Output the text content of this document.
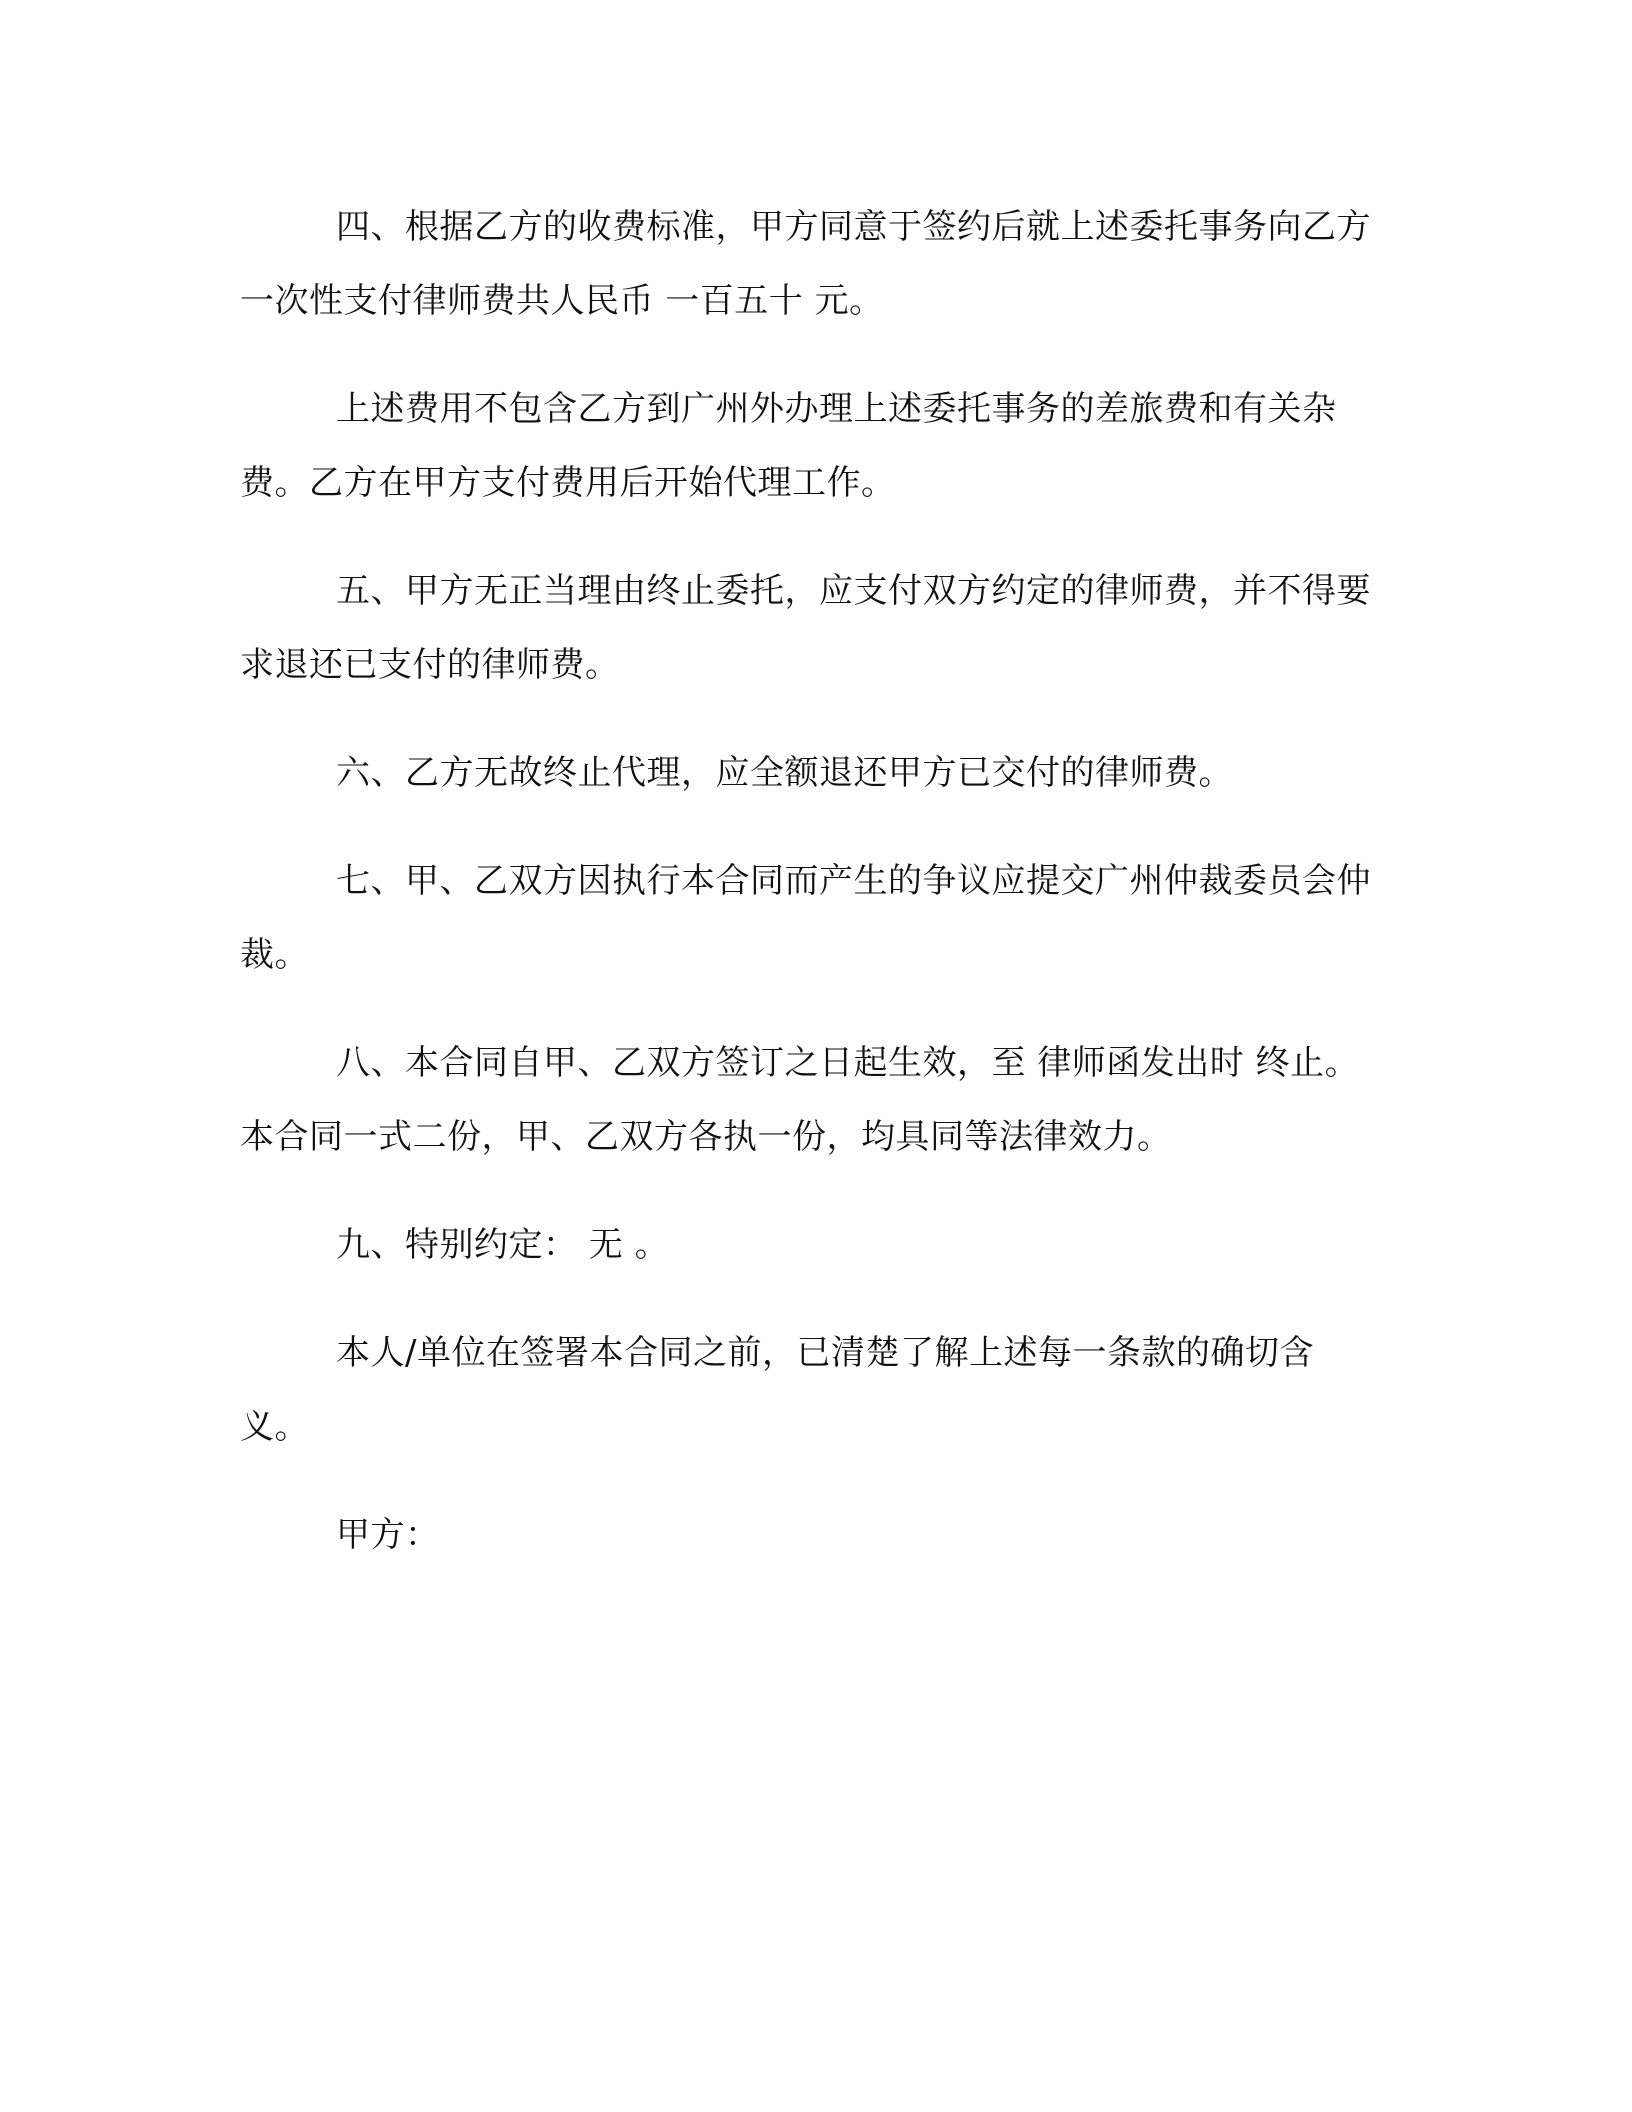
四、根据乙方的收费标准，甲方同意于签约后就上述委托事务向乙方一次性支付律师费共人民币 一百五十 元。

上述费用不包含乙方到广州外办理上述委托事务的差旅费和有关杂费。乙方在甲方支付费用后开始代理工作。

五、甲方无正当理由终止委托，应支付双方约定的律师费，并不得要求退还已支付的律师费。

六、乙方无故终止代理，应全额退还甲方已交付的律师费。

七、甲、乙双方因执行本合同而产生的争议应提交广州仲裁委员会仲裁。

八、本合同自甲、乙双方签订之日起生效，至 律师函发出时 终止。本合同一式二份，甲、乙双方各执一份，均具同等法律效力。

九、特别约定： 无 。

本人/单位在签署本合同之前，已清楚了解上述每一条款的确切含义。

甲方：
